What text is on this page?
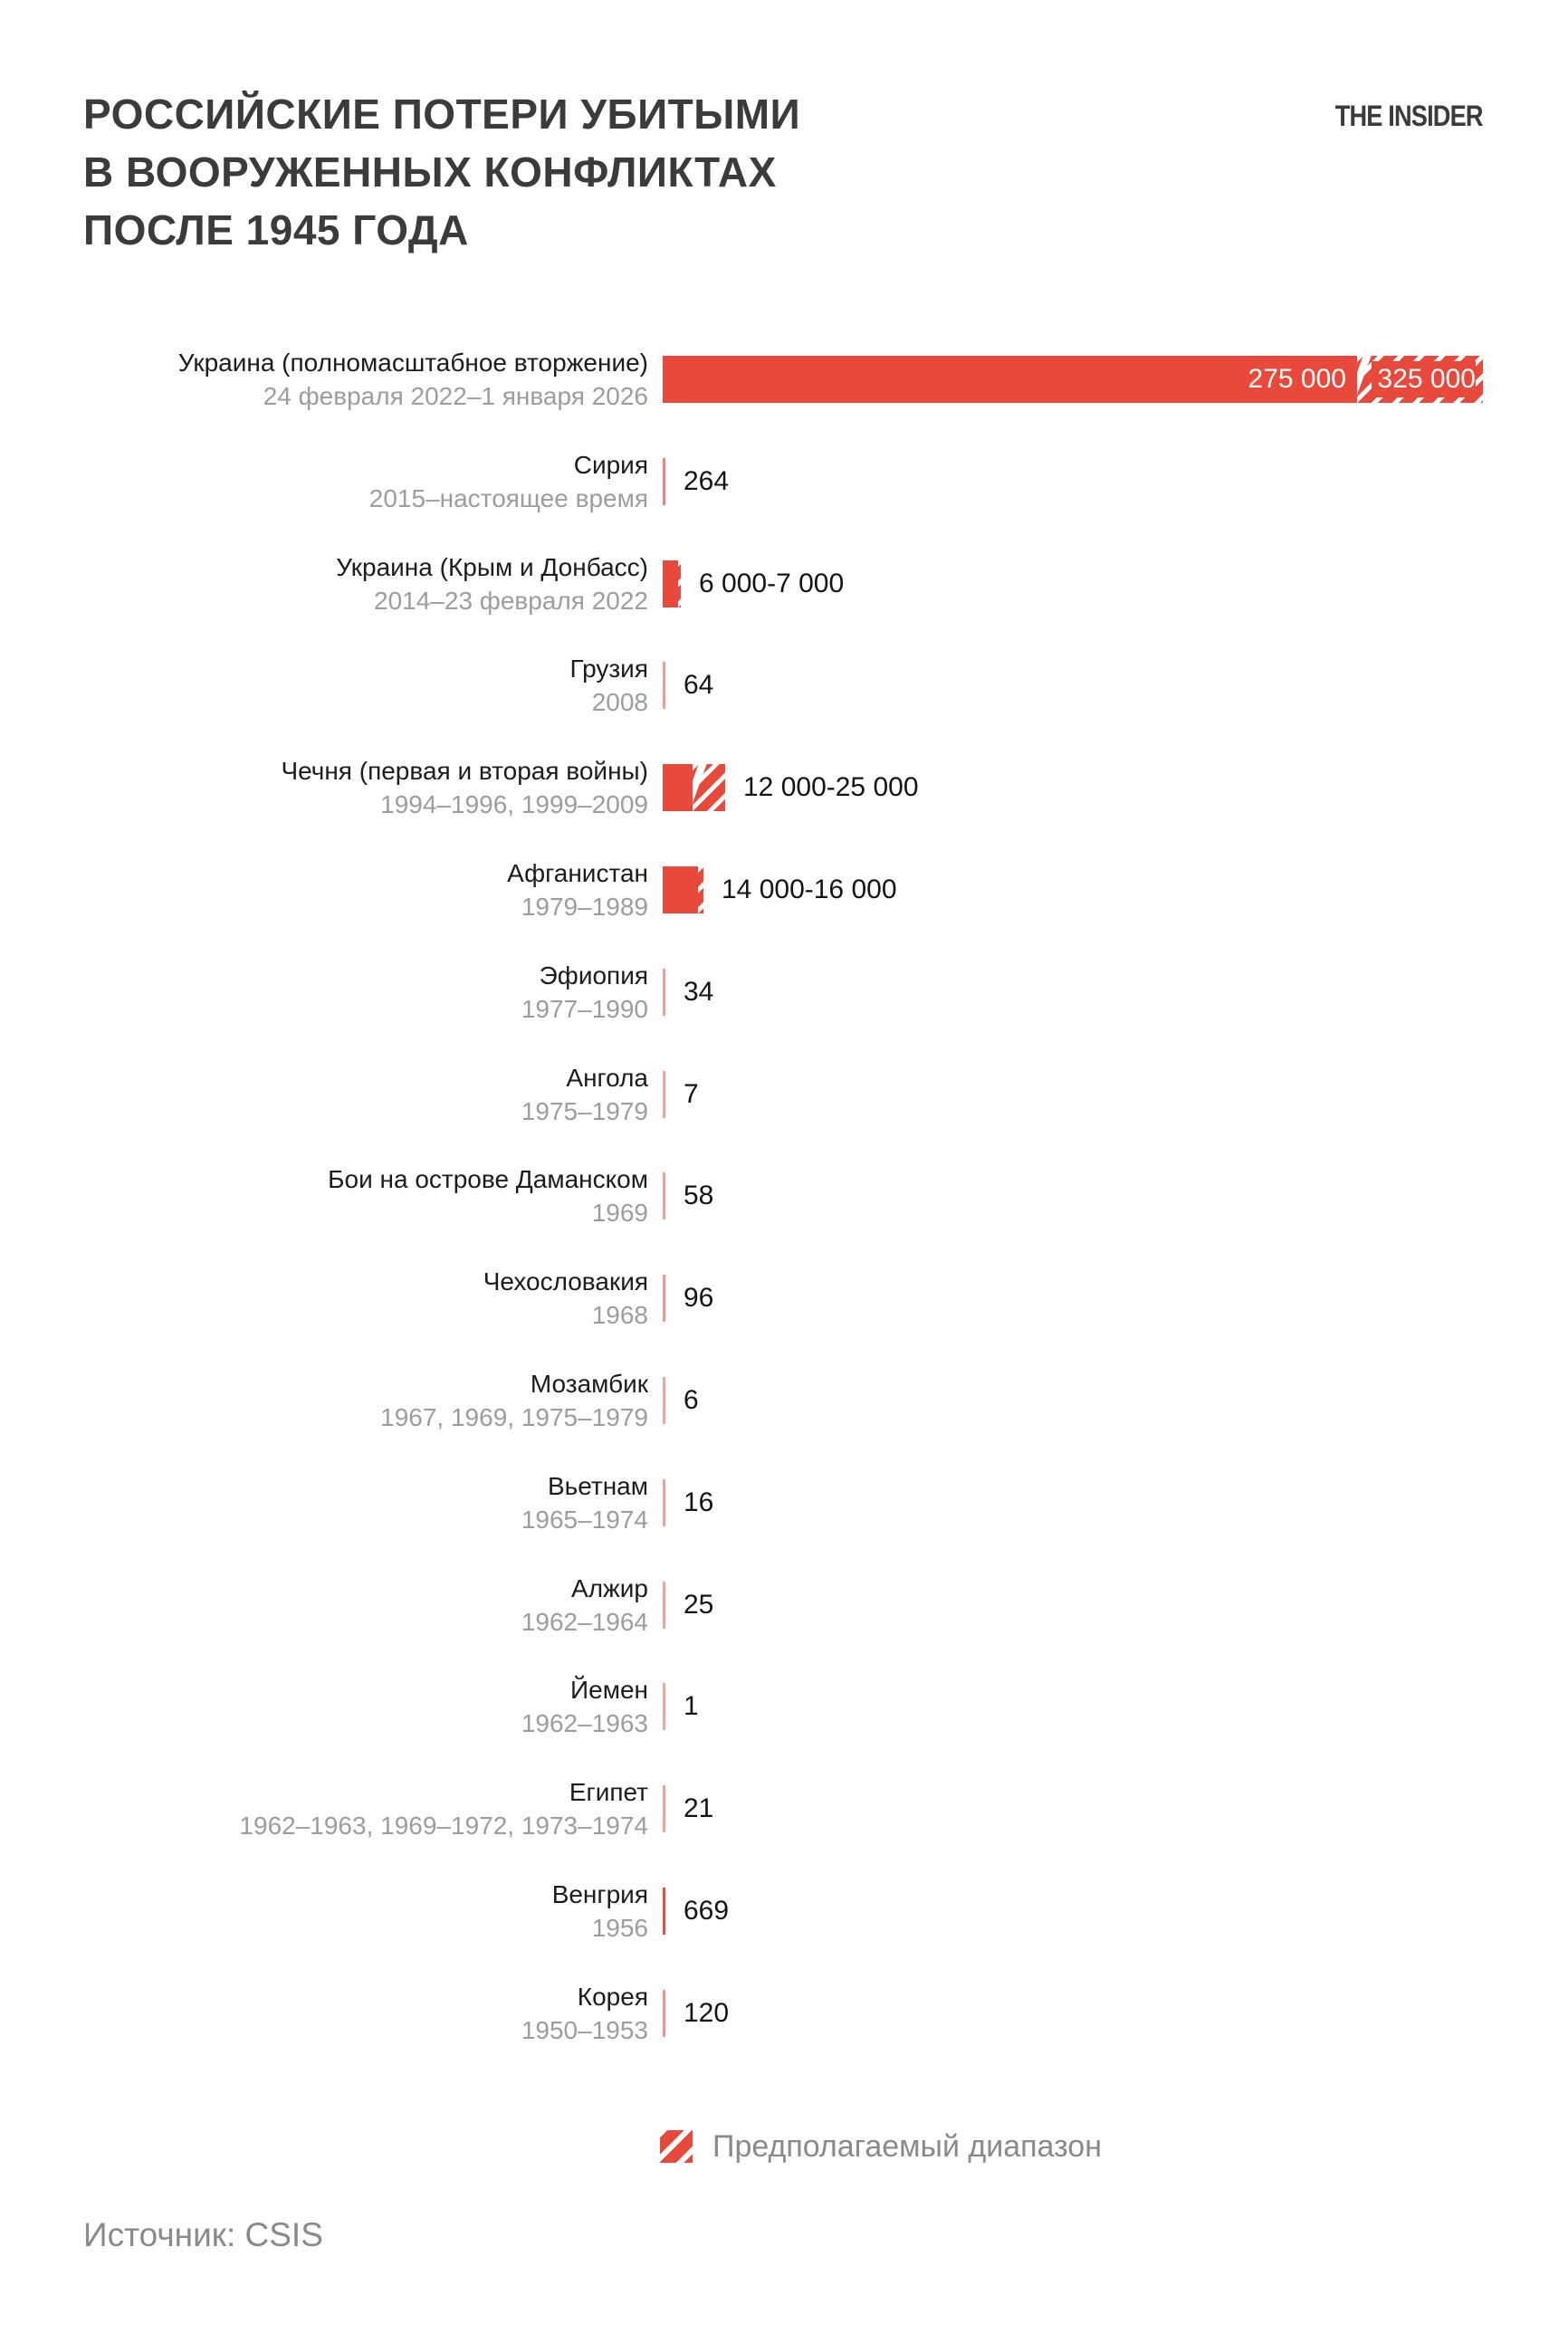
РОССИЙСКИЕ ПОТЕРИ УБИТЫМИ
В ВООРУЖЕННЫХ КОНФЛИКТАХ
ПОСЛЕ 1945 ГОДА
THE INSIDER
Украина (полномасштабное вторжение)
24 февраля 2022–1 января 2026
275 000 325 000
Сирия
2015–настоящее время
264
Украина (Крым и Донбасс)
2014–23 февраля 2022
6 000-7 000
Грузия
2008
64
Чечня (первая и вторая войны)
1994–1996, 1999–2009
12 000-25 000
Афганистан
1979–1989
14 000-16 000
Эфиопия
1977–1990
34
Ангола
1975–1979
7
Бои на острове Даманском
1969
58
Чехословакия
1968
96
Мозамбик
1967, 1969, 1975–1979
6
Вьетнам
1965–1974
16
Алжир
1962–1964
25
Йемен
1962–1963
1
Египет
1962–1963, 1969–1972, 1973–1974
21
Венгрия
1956
669
Корея
1950–1953
120
Предполагаемый диапазон
Источник: CSIS
